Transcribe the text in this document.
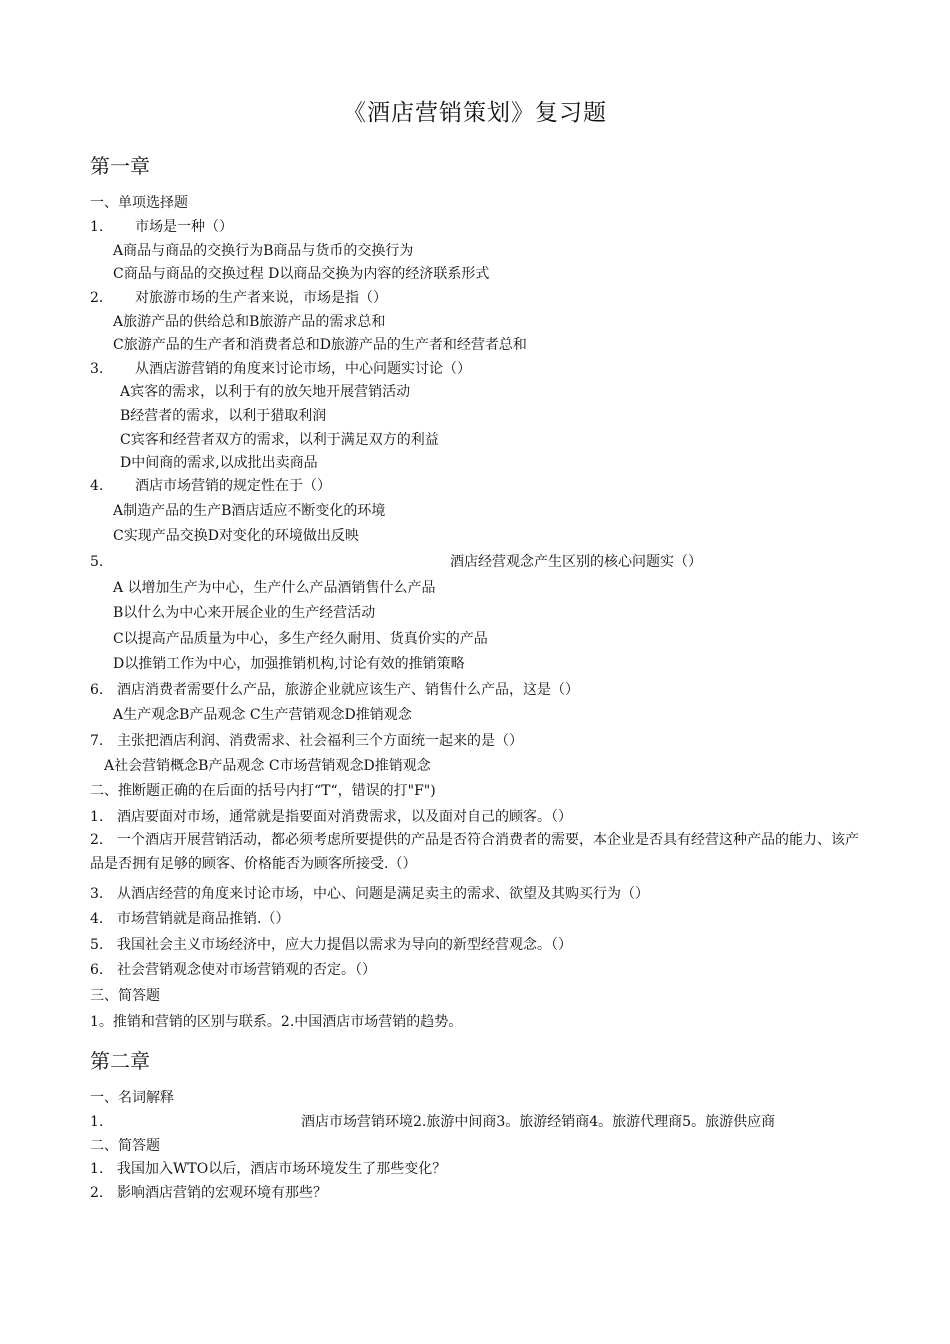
《酒店营销策划》复习题
第一章
一、单项选择题
1. 市场是一种（）
A商品与商品的交换行为B商品与货币的交换行为
C商品与商品的交换过程 D以商品交换为内容的经济联系形式
2. 对旅游市场的生产者来说，市场是指（）
A旅游产品的供给总和B旅游产品的需求总和
C旅游产品的生产者和消费者总和D旅游产品的生产者和经营者总和
3. 从酒店游营销的角度来讨论市场，中心问题实讨论（）
A宾客的需求，以利于有的放矢地开展营销活动
B经营者的需求，以利于猎取利润
C宾客和经营者双方的需求，以利于满足双方的利益
D中间商的需求,以成批出卖商品
4. 酒店市场营销的规定性在于（）
A制造产品的生产B酒店适应不断变化的环境
C实现产品交换D对变化的环境做出反映
5.	酒店经营观念产生区别的核心问题实（）
A 以增加生产为中心，生产什么产品酒销售什么产品
B以什么为中心来开展企业的生产经营活动
C以提高产品质量为中心，多生产经久耐用、货真价实的产品
D以推销工作为中心，加强推销机构,讨论有效的推销策略
6. 酒店消费者需要什么产品，旅游企业就应该生产、销售什么产品，这是（）
A生产观念B产品观念 C生产营销观念D推销观念
7. 主张把酒店利润、消费需求、社会福利三个方面统一起来的是（）
A社会营销概念B产品观念 C市场营销观念D推销观念
二、推断题正确的在后面的括号内打“T“，错误的打"F")
1. 酒店要面对市场，通常就是指要面对消费需求，以及面对自己的顾客。（）
2. 一个酒店开展营销活动，都必须考虑所要提供的产品是否符合消费者的需要，本企业是否具有经营这种产品的能力、该产品是否拥有足够的顾客、价格能否为顾客所接受.（）
3. 从酒店经营的角度来讨论市场，中心、问题是满足卖主的需求、欲望及其购买行为（）
4. 市场营销就是商品推销.（）
5. 我国社会主义市场经济中，应大力提倡以需求为导向的新型经营观念。（）
6. 社会营销观念使对市场营销观的否定。（）
三、简答题
1。推销和营销的区别与联系。2.中国酒店市场营销的趋势。
第二章
一、名词解释
1.	酒店市场营销环境2.旅游中间商3。旅游经销商4。旅游代理商5。旅游供应商
二、简答题
1. 我国加入WTO以后，酒店市场环境发生了那些变化？
2. 影响酒店营销的宏观环境有那些？
